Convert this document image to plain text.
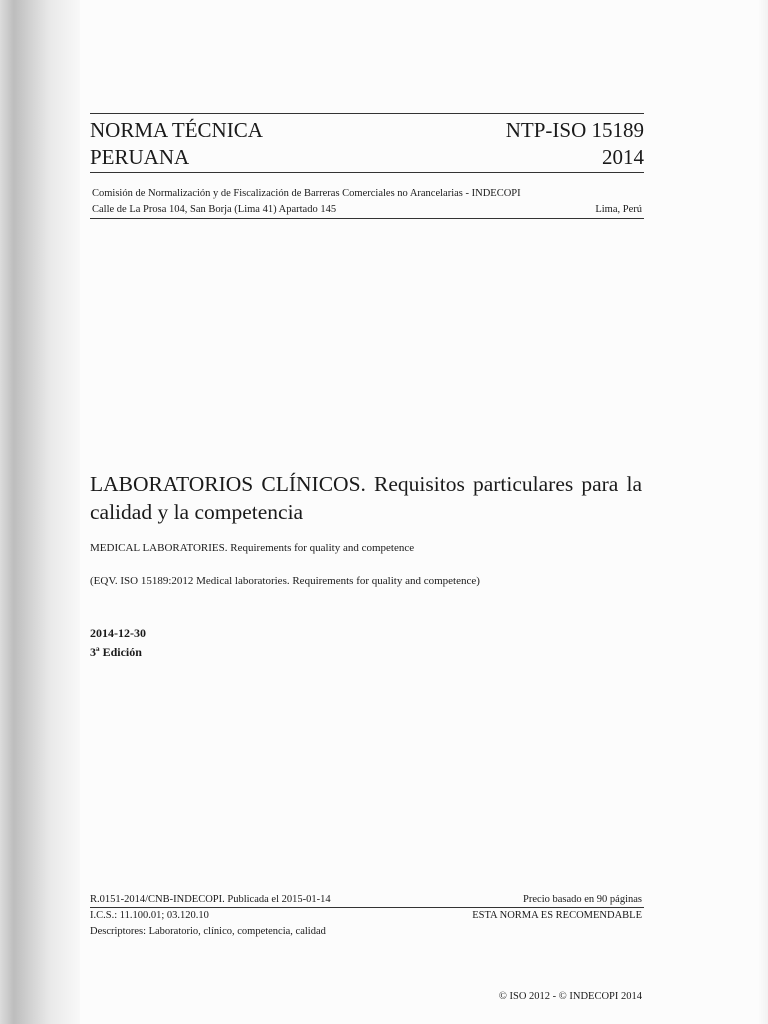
NORMA TÉCNICA	NTP-ISO 15189
PERUANA	2014
Comisión de Normalización y de Fiscalización de Barreras Comerciales no Arancelarias - INDECOPI
Calle de La Prosa 104, San Borja (Lima 41) Apartado 145	Lima, Perú
LABORATORIOS CLÍNICOS. Requisitos particulares para la calidad y la competencia
MEDICAL LABORATORIES. Requirements for quality and competence
(EQV. ISO 15189:2012 Medical laboratories. Requirements for quality and competence)
2014-12-30
3ª Edición
R.0151-2014/CNB-INDECOPI. Publicada el 2015-01-14	Precio basado en 90 páginas
I.C.S.: 11.100.01; 03.120.10	ESTA NORMA ES RECOMENDABLE
Descriptores: Laboratorio, clínico, competencia, calidad
© ISO 2012 - © INDECOPI 2014
